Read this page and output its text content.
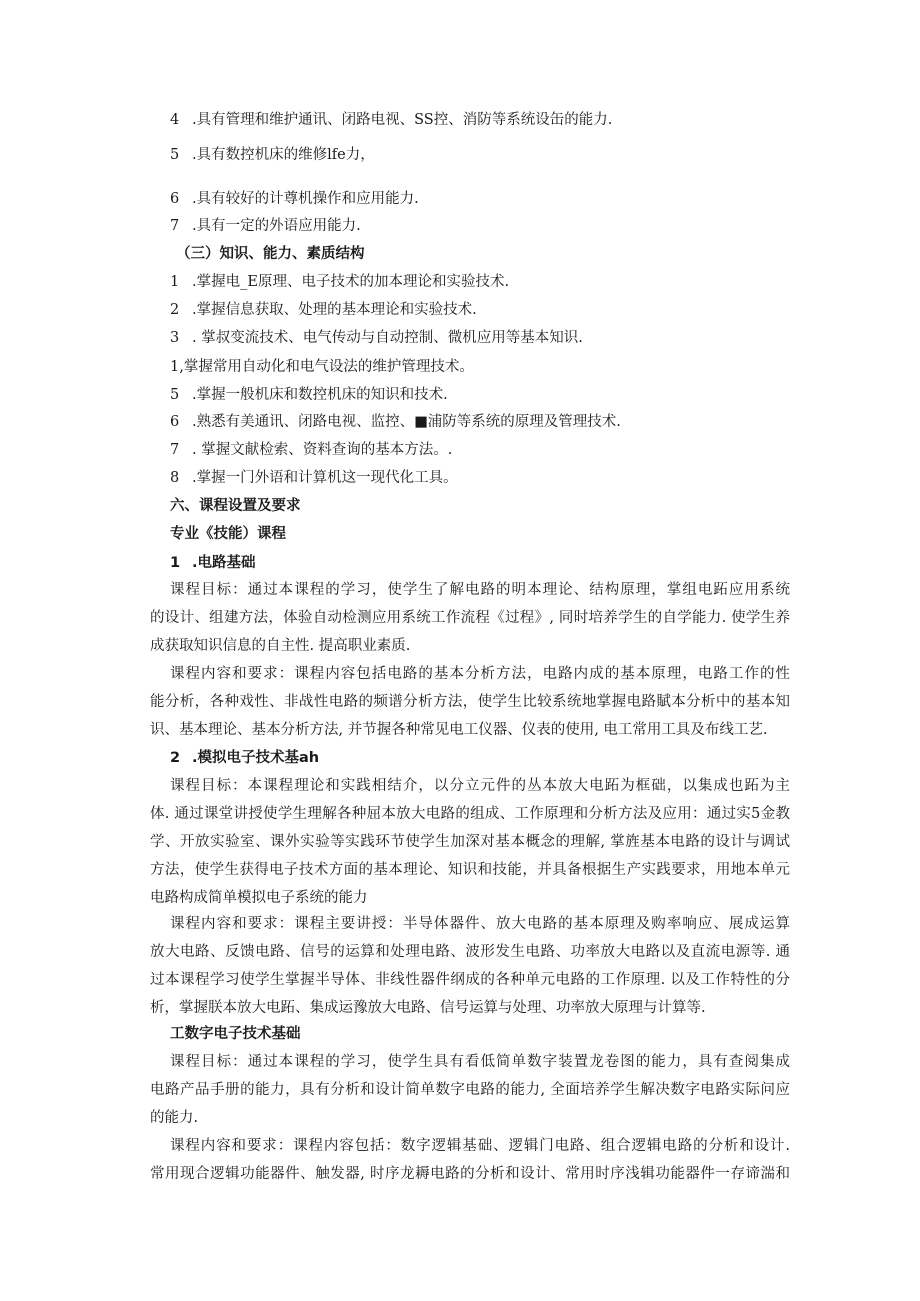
4 .具有管理和维护通讯、闭路电视、SS控、消防等系统设缶的能力.
5 .具有数控机床的维修lfe力，
6 .具有较好的计尊机操作和应用能力.
7 .具有一定的外语应用能力.
（三）知识、能力、素质结构
1 .掌握电_E原理、电子技术的加本理论和实验技术.
2 .掌握信息获取、处理的基本理论和实验技术.
3 . 掌叔变流技术、电气传动与自动控制、微机应用等基本知识.
1,掌握常用自动化和电气设法的维护管理技术。
5 .掌握一般机床和数控机床的知识和技术.
6 .熟悉有美通讯、闭路电视、监控、■浦防等系统的原理及管理技术.
7 . 掌握文献检索、资料查询的基本方法。.
8 .掌握一门外语和计算机这一现代化工具。
六、课程设置及要求
专业《技能）课程
1 .电路基础
课程目标：通过本课程的学习，使学生了解电路的明本理论、结构原理，掌组电跖应用系统
的设计、组建方法，体验自动检测应用系统工作流程《过程》, 同时培养学生的自学能力. 使学生养
成获取知识信息的自主性. 提高职业素质.
课程内容和要求：课程内容包括电路的基本分析方法，电路内成的基本原理，电路工作的性
能分析，各种戏性、非战性电路的频谱分析方法，使学生比较系统地掌握电路賦本分析中的基本知
识、基本理论、基本分析方法, 并节握各种常见电工仪器、仪表的使用, 电工常用工具及布线工艺.
2 .模拟电子技术基ah
课程目标：本课程理论和实践相结介，以分立元件的丛本放大电跖为框础，以集成也跖为主
体. 通过课堂讲授使学生理解各种屈本放大电路的组成、工作原理和分析方法及应用：通过实5金教
学、开放实验室、课外实验等实践环节使学生加深对基本概念的理解, 掌旌基本电路的设计与调试
方法，使学生获得电子技术方面的基本理论、知识和技能，并具备根据生产实践要求，用地本单元
电路构成简单模拟电子系统的能力
课程内容和要求：课程主要讲授：半导体器件、放大电路的基本原理及购率响应、展成运算
放大电路、反馈电路、信号的运算和处理电路、波形发生电路、功率放大电路以及直流电源等. 通
过本课程学习使学生掌握半导体、非线性器件纲成的各种单元电路的工作原理. 以及工作特性的分
析，掌握朕本放大电跖、集成运豫放大电路、信号运算与处理、功率放大原理与计算等.
工数字电子技术基础
课程目标：通过本课程的学习，使学生具有看低简单数字装置龙卷图的能力，具有查阅集成
电路产品手册的能力，具有分析和设计简单数字电路的能力, 全面培养学生解决数字电路实际问应
的能力.
课程内容和要求：课程内容包括：数字逻辑基础、逻辑门电路、组合逻辑电路的分析和设计.
常用现合逻辑功能器件、触发器, 时序龙耨电路的分析和设计、常用时序浅辑功能器件一存谛湍和
